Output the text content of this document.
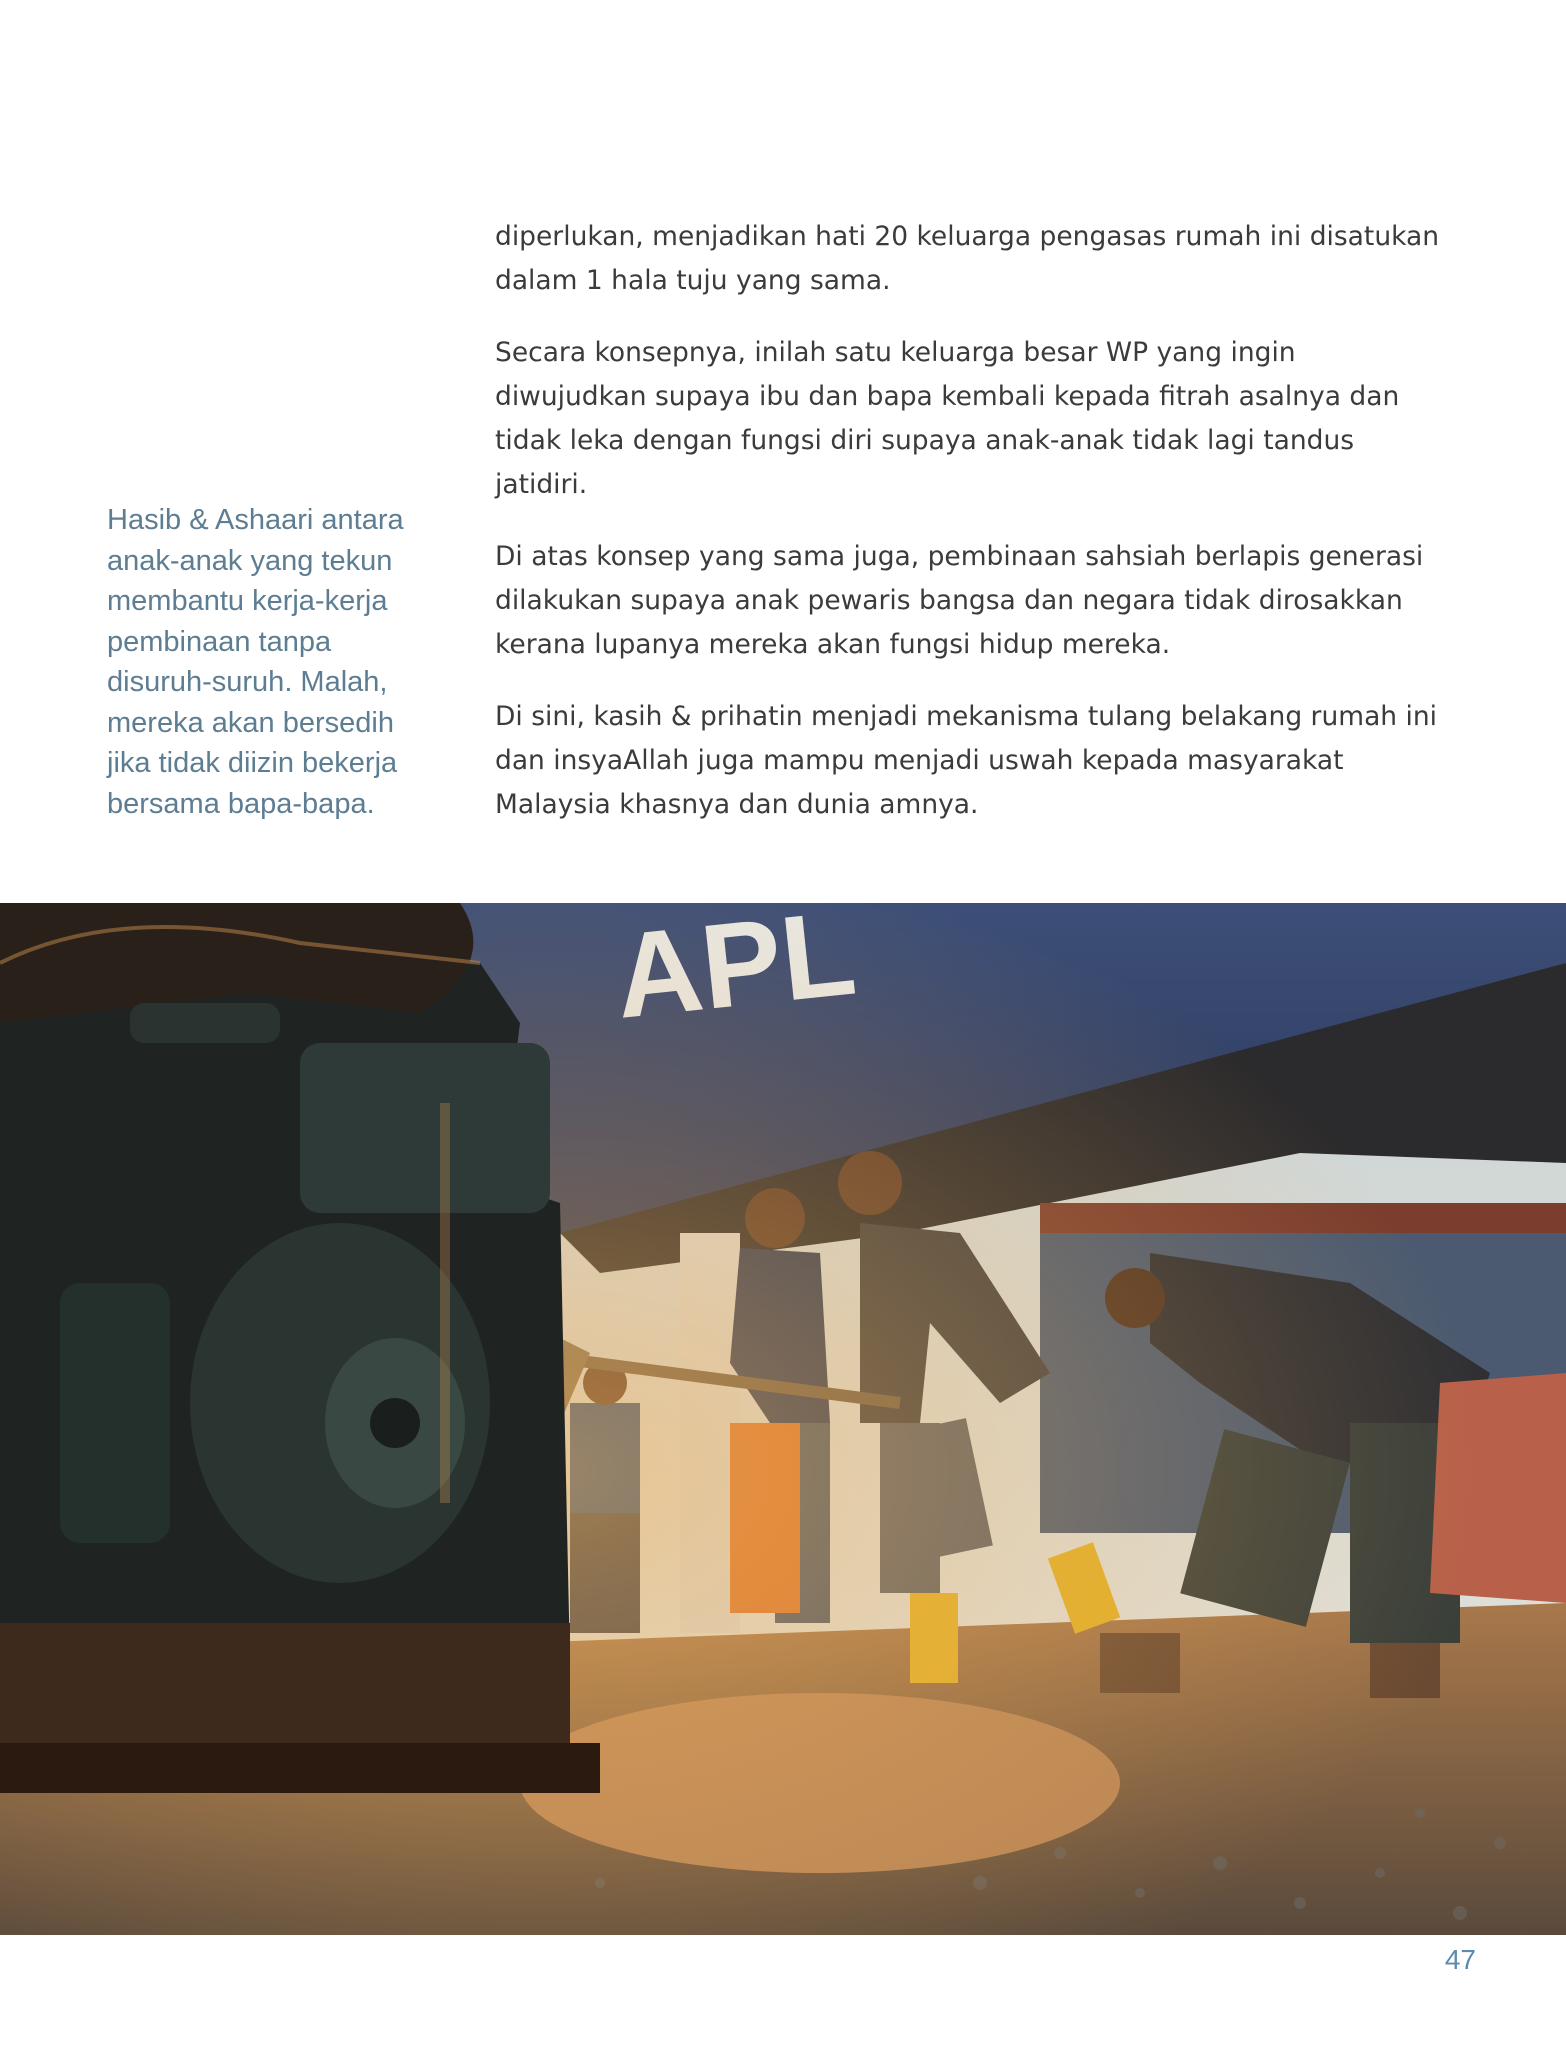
Hasib & Ashaari antara
anak-anak yang tekun
membantu kerja-kerja
pembinaan tanpa
disuruh-suruh. Malah,
mereka akan bersedih
jika tidak diizin bekerja
bersama bapa-bapa.

diperlukan, menjadikan hati 20 keluarga pengasas rumah ini disatukan
dalam 1 hala tuju yang sama.

Secara konsepnya, inilah satu keluarga besar WP yang ingin
diwujudkan supaya ibu dan bapa kembali kepada fitrah asalnya dan
tidak leka dengan fungsi diri supaya anak-anak tidak lagi tandus
jatidiri.

Di atas konsep yang sama juga, pembinaan sahsiah berlapis generasi
dilakukan supaya anak pewaris bangsa dan negara tidak dirosakkan
kerana lupanya mereka akan fungsi hidup mereka.

Di sini, kasih & prihatin menjadi mekanisma tulang belakang rumah ini
dan insyaAllah juga mampu menjadi uswah kepada masyarakat
Malaysia khasnya dan dunia amnya.

47
